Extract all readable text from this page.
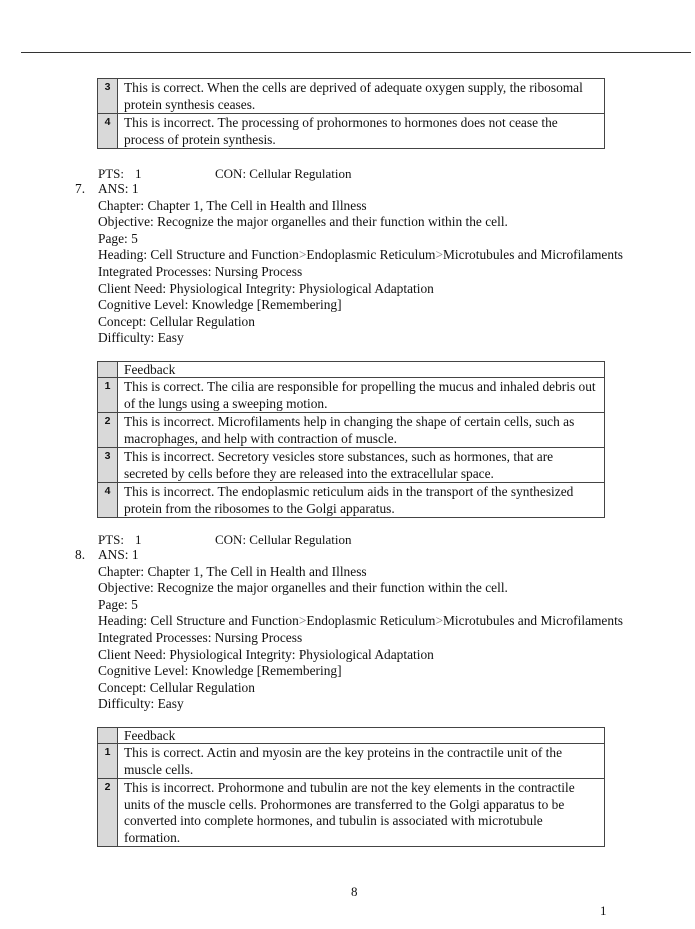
3	This is correct. When the cells are deprived of adequate oxygen supply, the ribosomal protein synthesis ceases.
4	This is incorrect. The processing of prohormones to hormones does not cease the process of protein synthesis.
PTS: 1	CON: Cellular Regulation
7. ANS: 1
Chapter: Chapter 1, The Cell in Health and Illness
Objective: Recognize the major organelles and their function within the cell.
Page: 5
Heading: Cell Structure and Function>Endoplasmic Reticulum>Microtubules and Microfilaments
Integrated Processes: Nursing Process
Client Need: Physiological Integrity: Physiological Adaptation
Cognitive Level: Knowledge [Remembering]
Concept: Cellular Regulation
Difficulty: Easy
	Feedback
1	This is correct. The cilia are responsible for propelling the mucus and inhaled debris out of the lungs using a sweeping motion.
2	This is incorrect. Microfilaments help in changing the shape of certain cells, such as macrophages, and help with contraction of muscle.
3	This is incorrect. Secretory vesicles store substances, such as hormones, that are secreted by cells before they are released into the extracellular space.
4	This is incorrect. The endoplasmic reticulum aids in the transport of the synthesized protein from the ribosomes to the Golgi apparatus.
PTS: 1	CON: Cellular Regulation
8. ANS: 1
Chapter: Chapter 1, The Cell in Health and Illness
Objective: Recognize the major organelles and their function within the cell.
Page: 5
Heading: Cell Structure and Function>Endoplasmic Reticulum>Microtubules and Microfilaments
Integrated Processes: Nursing Process
Client Need: Physiological Integrity: Physiological Adaptation
Cognitive Level: Knowledge [Remembering]
Concept: Cellular Regulation
Difficulty: Easy
	Feedback
1	This is correct. Actin and myosin are the key proteins in the contractile unit of the muscle cells.
2	This is incorrect. Prohormone and tubulin are not the key elements in the contractile units of the muscle cells. Prohormones are transferred to the Golgi apparatus to be converted into complete hormones, and tubulin is associated with microtubule formation.
8
1
